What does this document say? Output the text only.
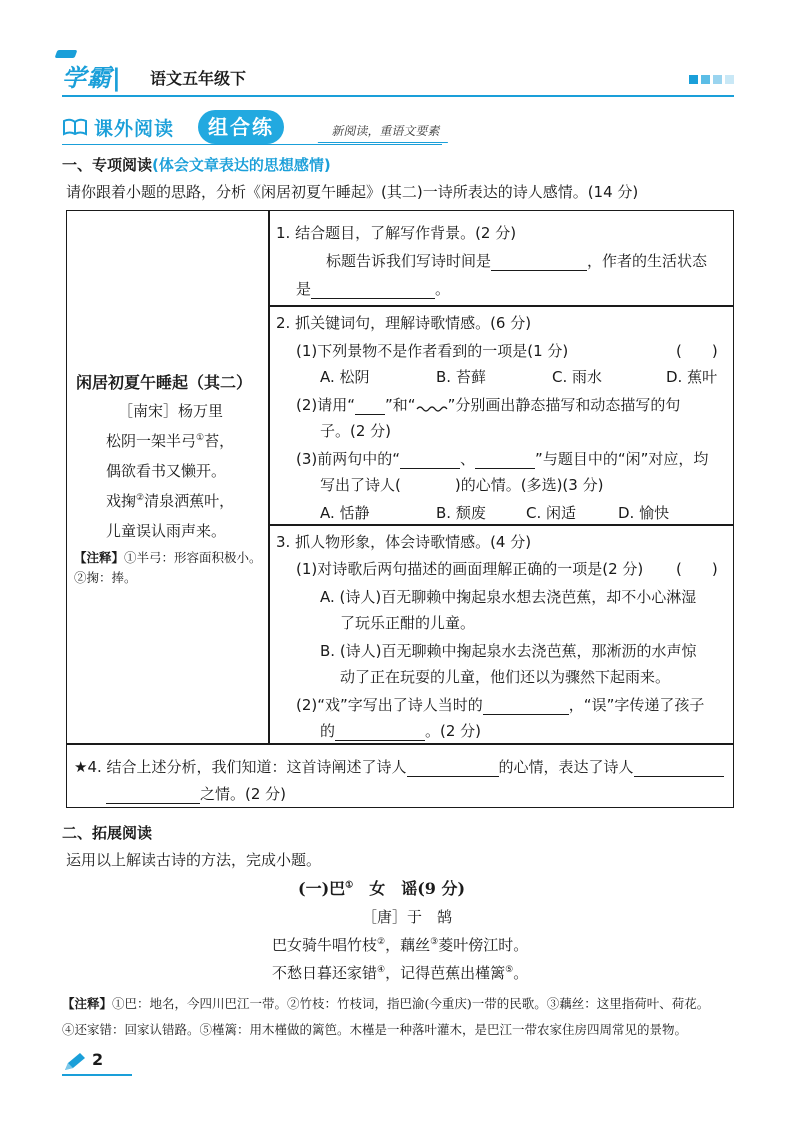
学霸| 语文五年级下
课外阅读	组合练	新阅读，重语文要素
一、专项阅读(体会文章表达的思想感情)
请你跟着小题的思路，分析《闲居初夏午睡起》(其二)一诗所表达的诗人感情。(14 分)
闲居初夏午睡起（其二）
［南宋］杨万里
松阴一架半弓①苔，
偶欲看书又懒开。
戏掬②清泉洒蕉叶，
儿童误认雨声来。
【注释】①半弓：形容面积极小。
②掬：捧。
1. 结合题目，了解写作背景。(2 分)
标题告诉我们写诗时间是	，作者的生活状态
是	。
2. 抓关键词句，理解诗歌情感。(6 分)
(1)下列景物不是作者看到的一项是(1 分)	(　　)
A. 松阴	B. 苔藓	C. 雨水	D. 蕉叶
(2)请用“ ”和“ ”分别画出静态描写和动态描写的句
子。(2 分)
(3)前两句中的“	、	”与题目中的“闲”对应，均
写出了诗人(	)的心情。(多选)(3 分)
A. 恬静	B. 颓废	C. 闲适	D. 愉快
3. 抓人物形象，体会诗歌情感。(4 分)
(1)对诗歌后两句描述的画面理解正确的一项是(2 分) (　　)
A. (诗人)百无聊赖中掬起泉水想去浇芭蕉，却不小心淋湿
了玩乐正酣的儿童。
B. (诗人)百无聊赖中掬起泉水去浇芭蕉，那淅沥的水声惊
动了正在玩耍的儿童，他们还以为骤然下起雨来。
(2)“戏”字写出了诗人当时的	，“误”字传递了孩子
的	。(2 分)
★4. 结合上述分析，我们知道：这首诗阐述了诗人	的心情，表达了诗人
之情。(2 分)
二、拓展阅读
运用以上解读古诗的方法，完成小题。
(一)巴①　女　谣(9 分)
［唐］于　鹄
巴女骑牛唱竹枝②，藕丝③菱叶傍江时。
不愁日暮还家错④，记得芭蕉出槿篱⑤。
【注释】①巴：地名，今四川巴江一带。②竹枝：竹枝词，指巴渝(今重庆)一带的民歌。③藕丝：这里指荷叶、荷花。
④还家错：回家认错路。⑤槿篱：用木槿做的篱笆。木槿是一种落叶灌木，是巴江一带农家住房四周常见的景物。
2
